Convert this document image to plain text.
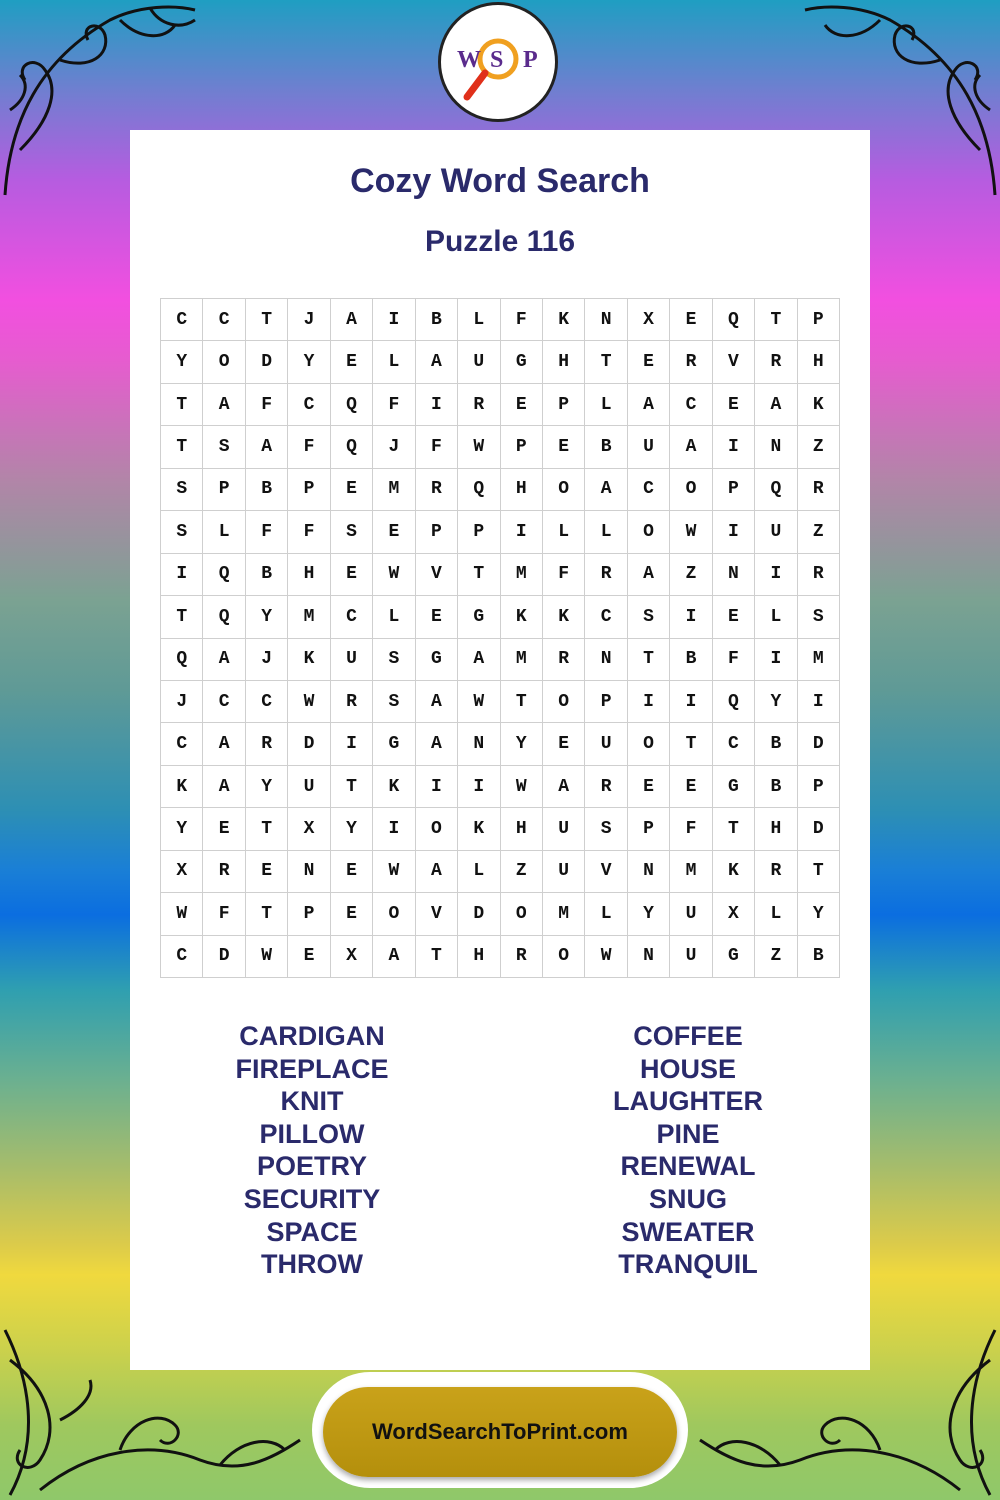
W S P
Cozy Word Search
Puzzle 116
C	C	T	J	A	I	B	L	F	K	N	X	E	Q	T	P
Y	O	D	Y	E	L	A	U	G	H	T	E	R	V	R	H
T	A	F	C	Q	F	I	R	E	P	L	A	C	E	A	K
T	S	A	F	Q	J	F	W	P	E	B	U	A	I	N	Z
S	P	B	P	E	M	R	Q	H	O	A	C	O	P	Q	R
S	L	F	F	S	E	P	P	I	L	L	O	W	I	U	Z
I	Q	B	H	E	W	V	T	M	F	R	A	Z	N	I	R
T	Q	Y	M	C	L	E	G	K	K	C	S	I	E	L	S
Q	A	J	K	U	S	G	A	M	R	N	T	B	F	I	M
J	C	C	W	R	S	A	W	T	O	P	I	I	Q	Y	I
C	A	R	D	I	G	A	N	Y	E	U	O	T	C	B	D
K	A	Y	U	T	K	I	I	W	A	R	E	E	G	B	P
Y	E	T	X	Y	I	O	K	H	U	S	P	F	T	H	D
X	R	E	N	E	W	A	L	Z	U	V	N	M	K	R	T
W	F	T	P	E	O	V	D	O	M	L	Y	U	X	L	Y
C	D	W	E	X	A	T	H	R	O	W	N	U	G	Z	B
CARDIGAN
FIREPLACE
KNIT
PILLOW
POETRY
SECURITY
SPACE
THROW
COFFEE
HOUSE
LAUGHTER
PINE
RENEWAL
SNUG
SWEATER
TRANQUIL
WordSearchToPrint.com
